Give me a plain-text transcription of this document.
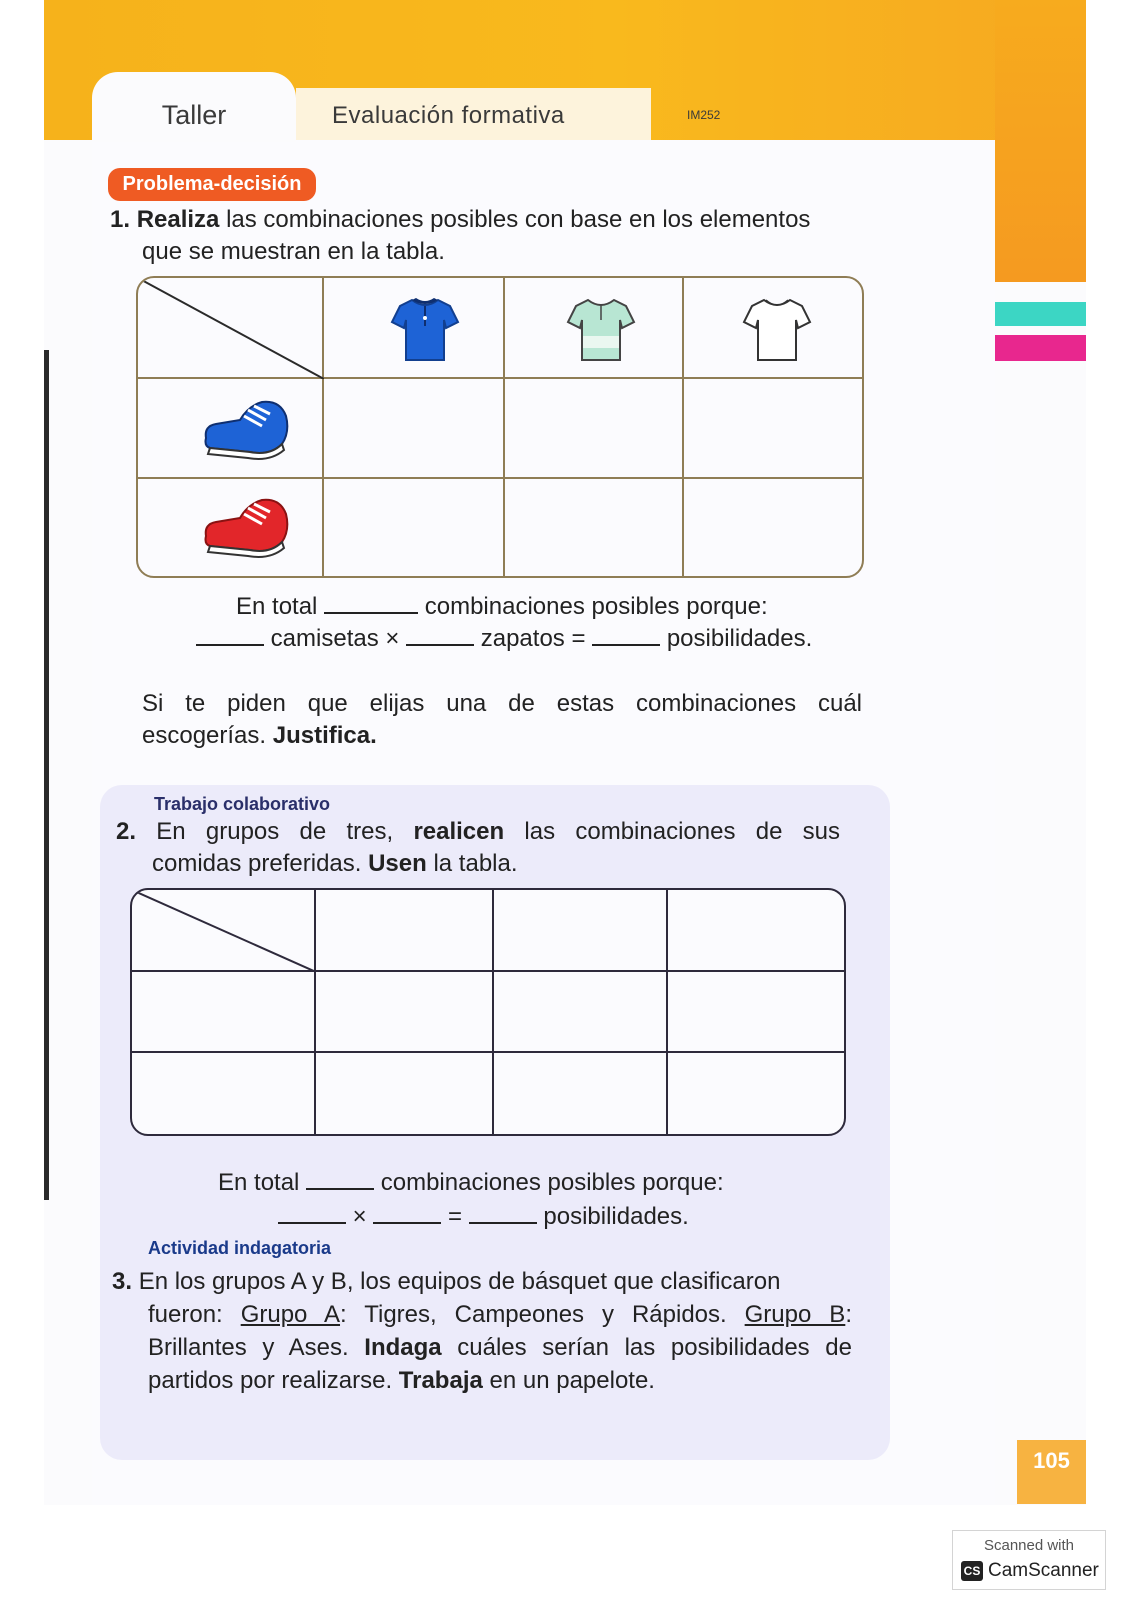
Taller	Evaluación formativa	IM252
Problema-decisión
1. Realiza las combinaciones posibles con base en los elementos
que se muestran en la tabla.
En total	combinaciones posibles porque:
camisetas ×	zapatos =	posibilidades.
Si te piden que elijas una de estas combinaciones cuál
escogerías. Justifica.
Trabajo colaborativo
2. En grupos de tres, realicen las combinaciones de sus
comidas preferidas. Usen la tabla.
En total	combinaciones posibles porque:
×	=	posibilidades.
Actividad indagatoria
3. En los grupos A y B, los equipos de básquet que clasificaron
fueron: Grupo A: Tigres, Campeones y Rápidos. Grupo B:
Brillantes y Ases. Indaga cuáles serían las posibilidades de
partidos por realizarse. Trabaja en un papelote.
105
Scanned with
CS CamScanner
